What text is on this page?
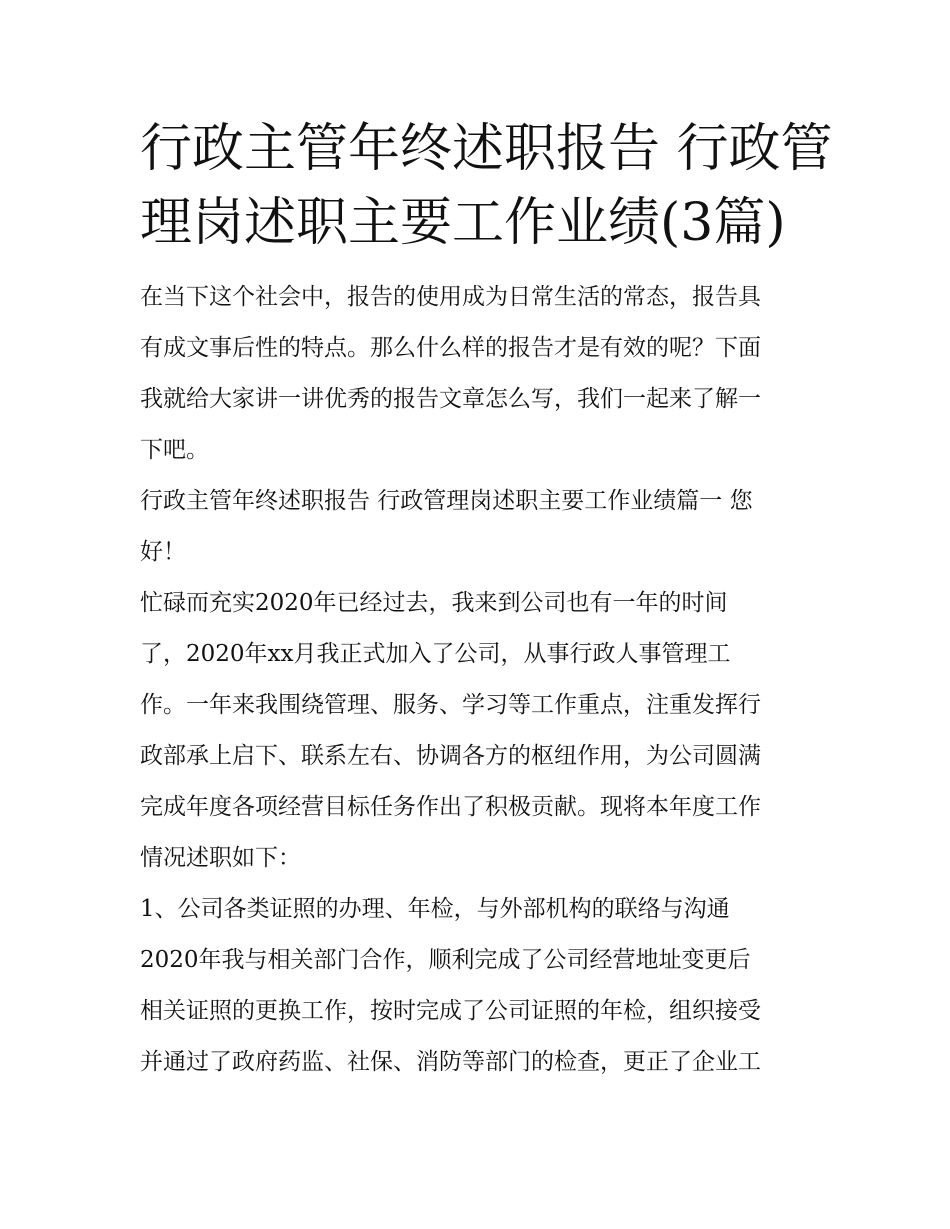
行政主管年终述职报告 行政管
理岗述职主要工作业绩(3篇)
在当下这个社会中，报告的使用成为日常生活的常态，报告具
有成文事后性的特点。那么什么样的报告才是有效的呢？下面
我就给大家讲一讲优秀的报告文章怎么写，我们一起来了解一
下吧。
行政主管年终述职报告 行政管理岗述职主要工作业绩篇一 您
好！
忙碌而充实2020年已经过去，我来到公司也有一年的时间
了，2020年xx月我正式加入了公司，从事行政人事管理工
作。一年来我围绕管理、服务、学习等工作重点，注重发挥行
政部承上启下、联系左右、协调各方的枢纽作用，为公司圆满
完成年度各项经营目标任务作出了积极贡献。现将本年度工作
情况述职如下：
1、公司各类证照的办理、年检，与外部机构的联络与沟通
2020年我与相关部门合作，顺利完成了公司经营地址变更后
相关证照的更换工作，按时完成了公司证照的年检，组织接受
并通过了政府药监、社保、消防等部门的检查，更正了企业工
